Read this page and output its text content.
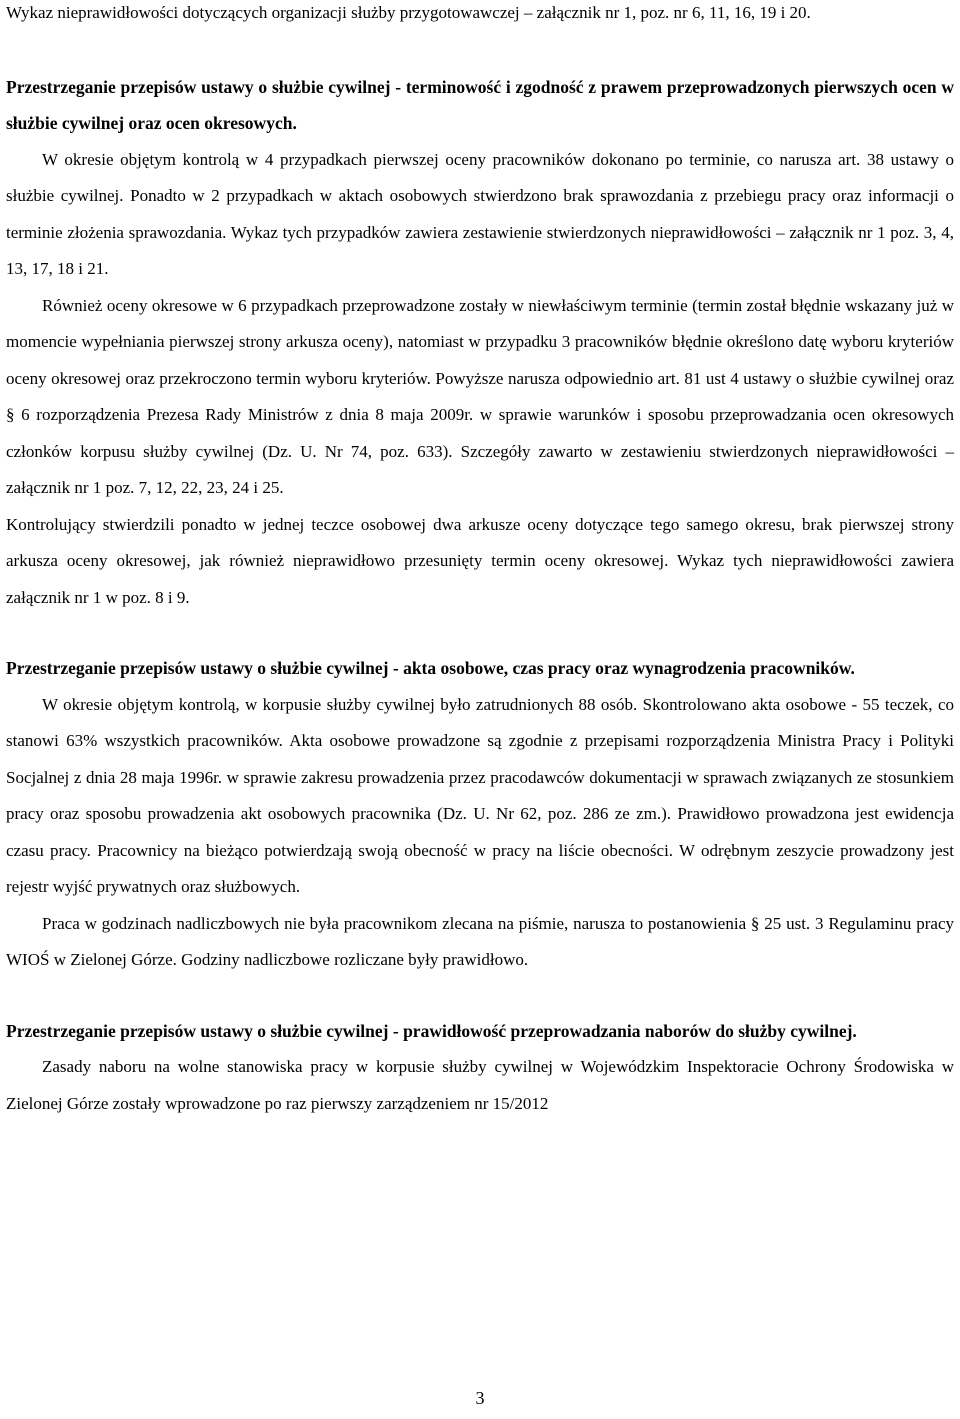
Wykaz nieprawidłowości dotyczących organizacji służby przygotowawczej – załącznik nr 1, poz. nr 6, 11, 16, 19 i 20.

Przestrzeganie przepisów ustawy o służbie cywilnej - terminowość i zgodność z prawem przeprowadzonych pierwszych ocen w służbie cywilnej oraz ocen okresowych.

W okresie objętym kontrolą w 4 przypadkach pierwszej oceny pracowników dokonano po terminie, co narusza art. 38 ustawy o służbie cywilnej. Ponadto w 2 przypadkach w aktach osobowych stwierdzono brak sprawozdania z przebiegu pracy oraz informacji o terminie złożenia sprawozdania. Wykaz tych przypadków zawiera zestawienie stwierdzonych nieprawidłowości – załącznik nr 1 poz. 3, 4, 13, 17, 18 i 21.

Również oceny okresowe w 6 przypadkach przeprowadzone zostały w niewłaściwym terminie (termin został błędnie wskazany już w momencie wypełniania pierwszej strony arkusza oceny), natomiast w przypadku 3 pracowników błędnie określono datę wyboru kryteriów oceny okresowej oraz przekroczono termin wyboru kryteriów. Powyższe narusza odpowiednio art. 81 ust 4 ustawy o służbie cywilnej oraz § 6 rozporządzenia Prezesa Rady Ministrów z dnia 8 maja 2009r. w sprawie warunków i sposobu przeprowadzania ocen okresowych członków korpusu służby cywilnej (Dz. U. Nr 74, poz. 633). Szczegóły zawarto w zestawieniu stwierdzonych nieprawidłowości – załącznik nr 1 poz. 7, 12, 22, 23, 24 i 25.

Kontrolujący stwierdzili ponadto w jednej teczce osobowej dwa arkusze oceny dotyczące tego samego okresu, brak pierwszej strony arkusza oceny okresowej, jak również nieprawidłowo przesunięty termin oceny okresowej. Wykaz tych nieprawidłowości zawiera załącznik nr 1 w poz. 8 i 9.

Przestrzeganie przepisów ustawy o służbie cywilnej - akta osobowe, czas pracy oraz wynagrodzenia pracowników.

W okresie objętym kontrolą, w korpusie służby cywilnej było zatrudnionych 88 osób. Skontrolowano akta osobowe - 55 teczek, co stanowi 63% wszystkich pracowników. Akta osobowe prowadzone są zgodnie z przepisami rozporządzenia Ministra Pracy i Polityki Socjalnej z dnia 28 maja 1996r. w sprawie zakresu prowadzenia przez pracodawców dokumentacji w sprawach związanych ze stosunkiem pracy oraz sposobu prowadzenia akt osobowych pracownika (Dz. U. Nr 62, poz. 286 ze zm.). Prawidłowo prowadzona jest ewidencja czasu pracy. Pracownicy na bieżąco potwierdzają swoją obecność w pracy na liście obecności. W odrębnym zeszycie prowadzony jest rejestr wyjść prywatnych oraz służbowych.

Praca w godzinach nadliczbowych nie była pracownikom zlecana na piśmie, narusza to postanowienia § 25 ust. 3 Regulaminu pracy WIOŚ w Zielonej Górze. Godziny nadliczbowe rozliczane były prawidłowo.

Przestrzeganie przepisów ustawy o służbie cywilnej - prawidłowość przeprowadzania naborów do służby cywilnej.

Zasady naboru na wolne stanowiska pracy w korpusie służby cywilnej w Wojewódzkim Inspektoracie Ochrony Środowiska w Zielonej Górze zostały wprowadzone po raz pierwszy zarządzeniem nr 15/2012

3
